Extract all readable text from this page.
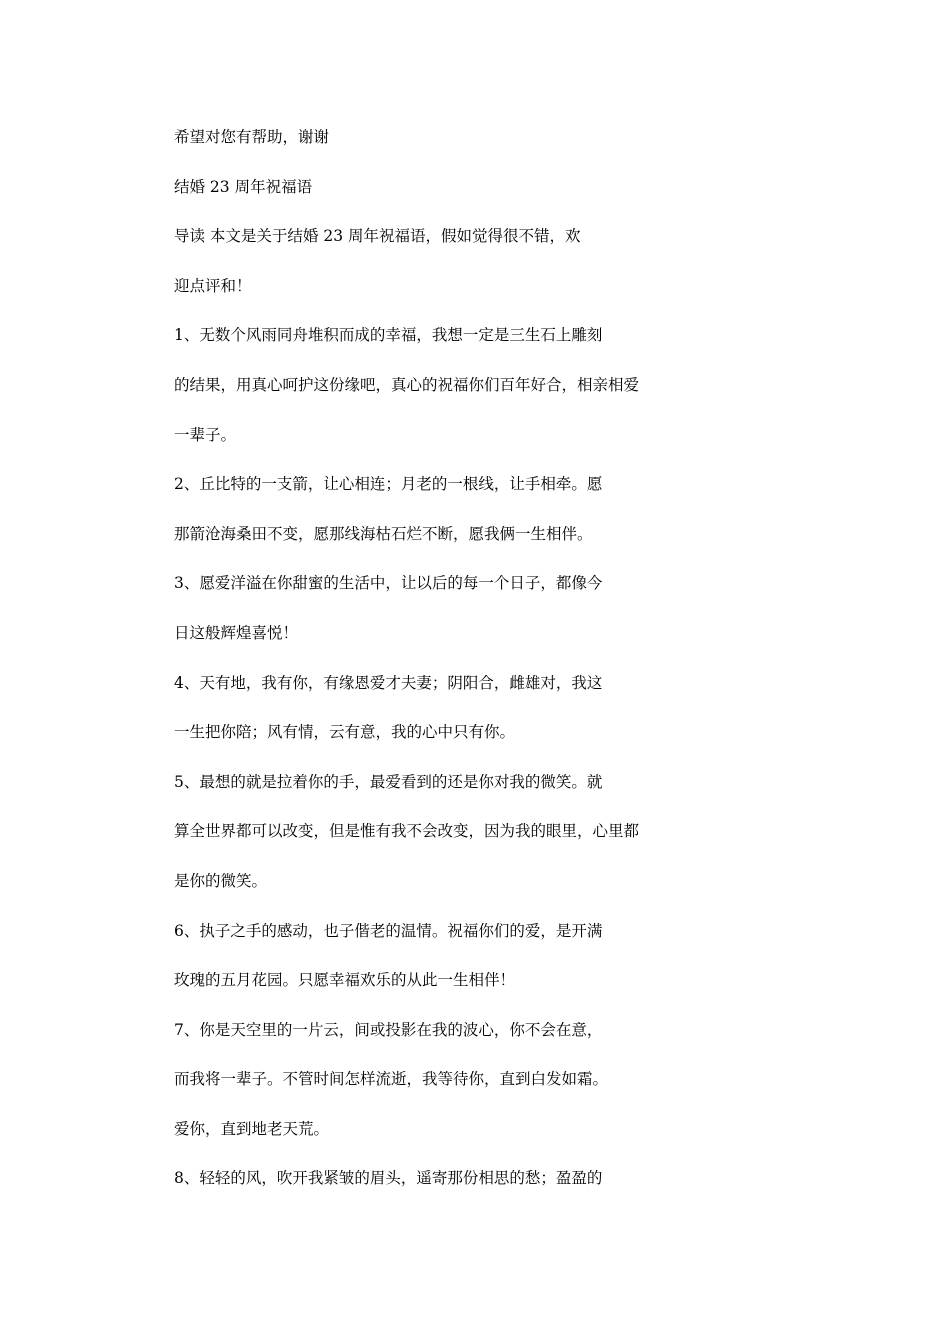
希望对您有帮助，谢谢

结婚 23 周年祝福语

导读 本文是关于结婚 23 周年祝福语，假如觉得很不错，欢

迎点评和！

1、无数个风雨同舟堆积而成的幸福，我想一定是三生石上雕刻

的结果，用真心呵护这份缘吧，真心的祝福你们百年好合，相亲相爱

一辈子。

2、丘比特的一支箭，让心相连；月老的一根线，让手相牵。愿

那箭沧海桑田不变，愿那线海枯石烂不断，愿我俩一生相伴。

3、愿爱洋溢在你甜蜜的生活中，让以后的每一个日子，都像今

日这般辉煌喜悦！

4、天有地，我有你，有缘恩爱才夫妻；阴阳合，雌雄对，我这

一生把你陪；风有情，云有意，我的心中只有你。

5、最想的就是拉着你的手，最爱看到的还是你对我的微笑。就

算全世界都可以改变，但是惟有我不会改变，因为我的眼里，心里都

是你的微笑。

6、执子之手的感动，也子偕老的温情。祝福你们的爱，是开满

玫瑰的五月花园。只愿幸福欢乐的从此一生相伴！

7、你是天空里的一片云，间或投影在我的波心，你不会在意，

而我将一辈子。不管时间怎样流逝，我等待你，直到白发如霜。

爱你，直到地老天荒。

8、轻轻的风，吹开我紧皱的眉头，遥寄那份相思的愁；盈盈的
